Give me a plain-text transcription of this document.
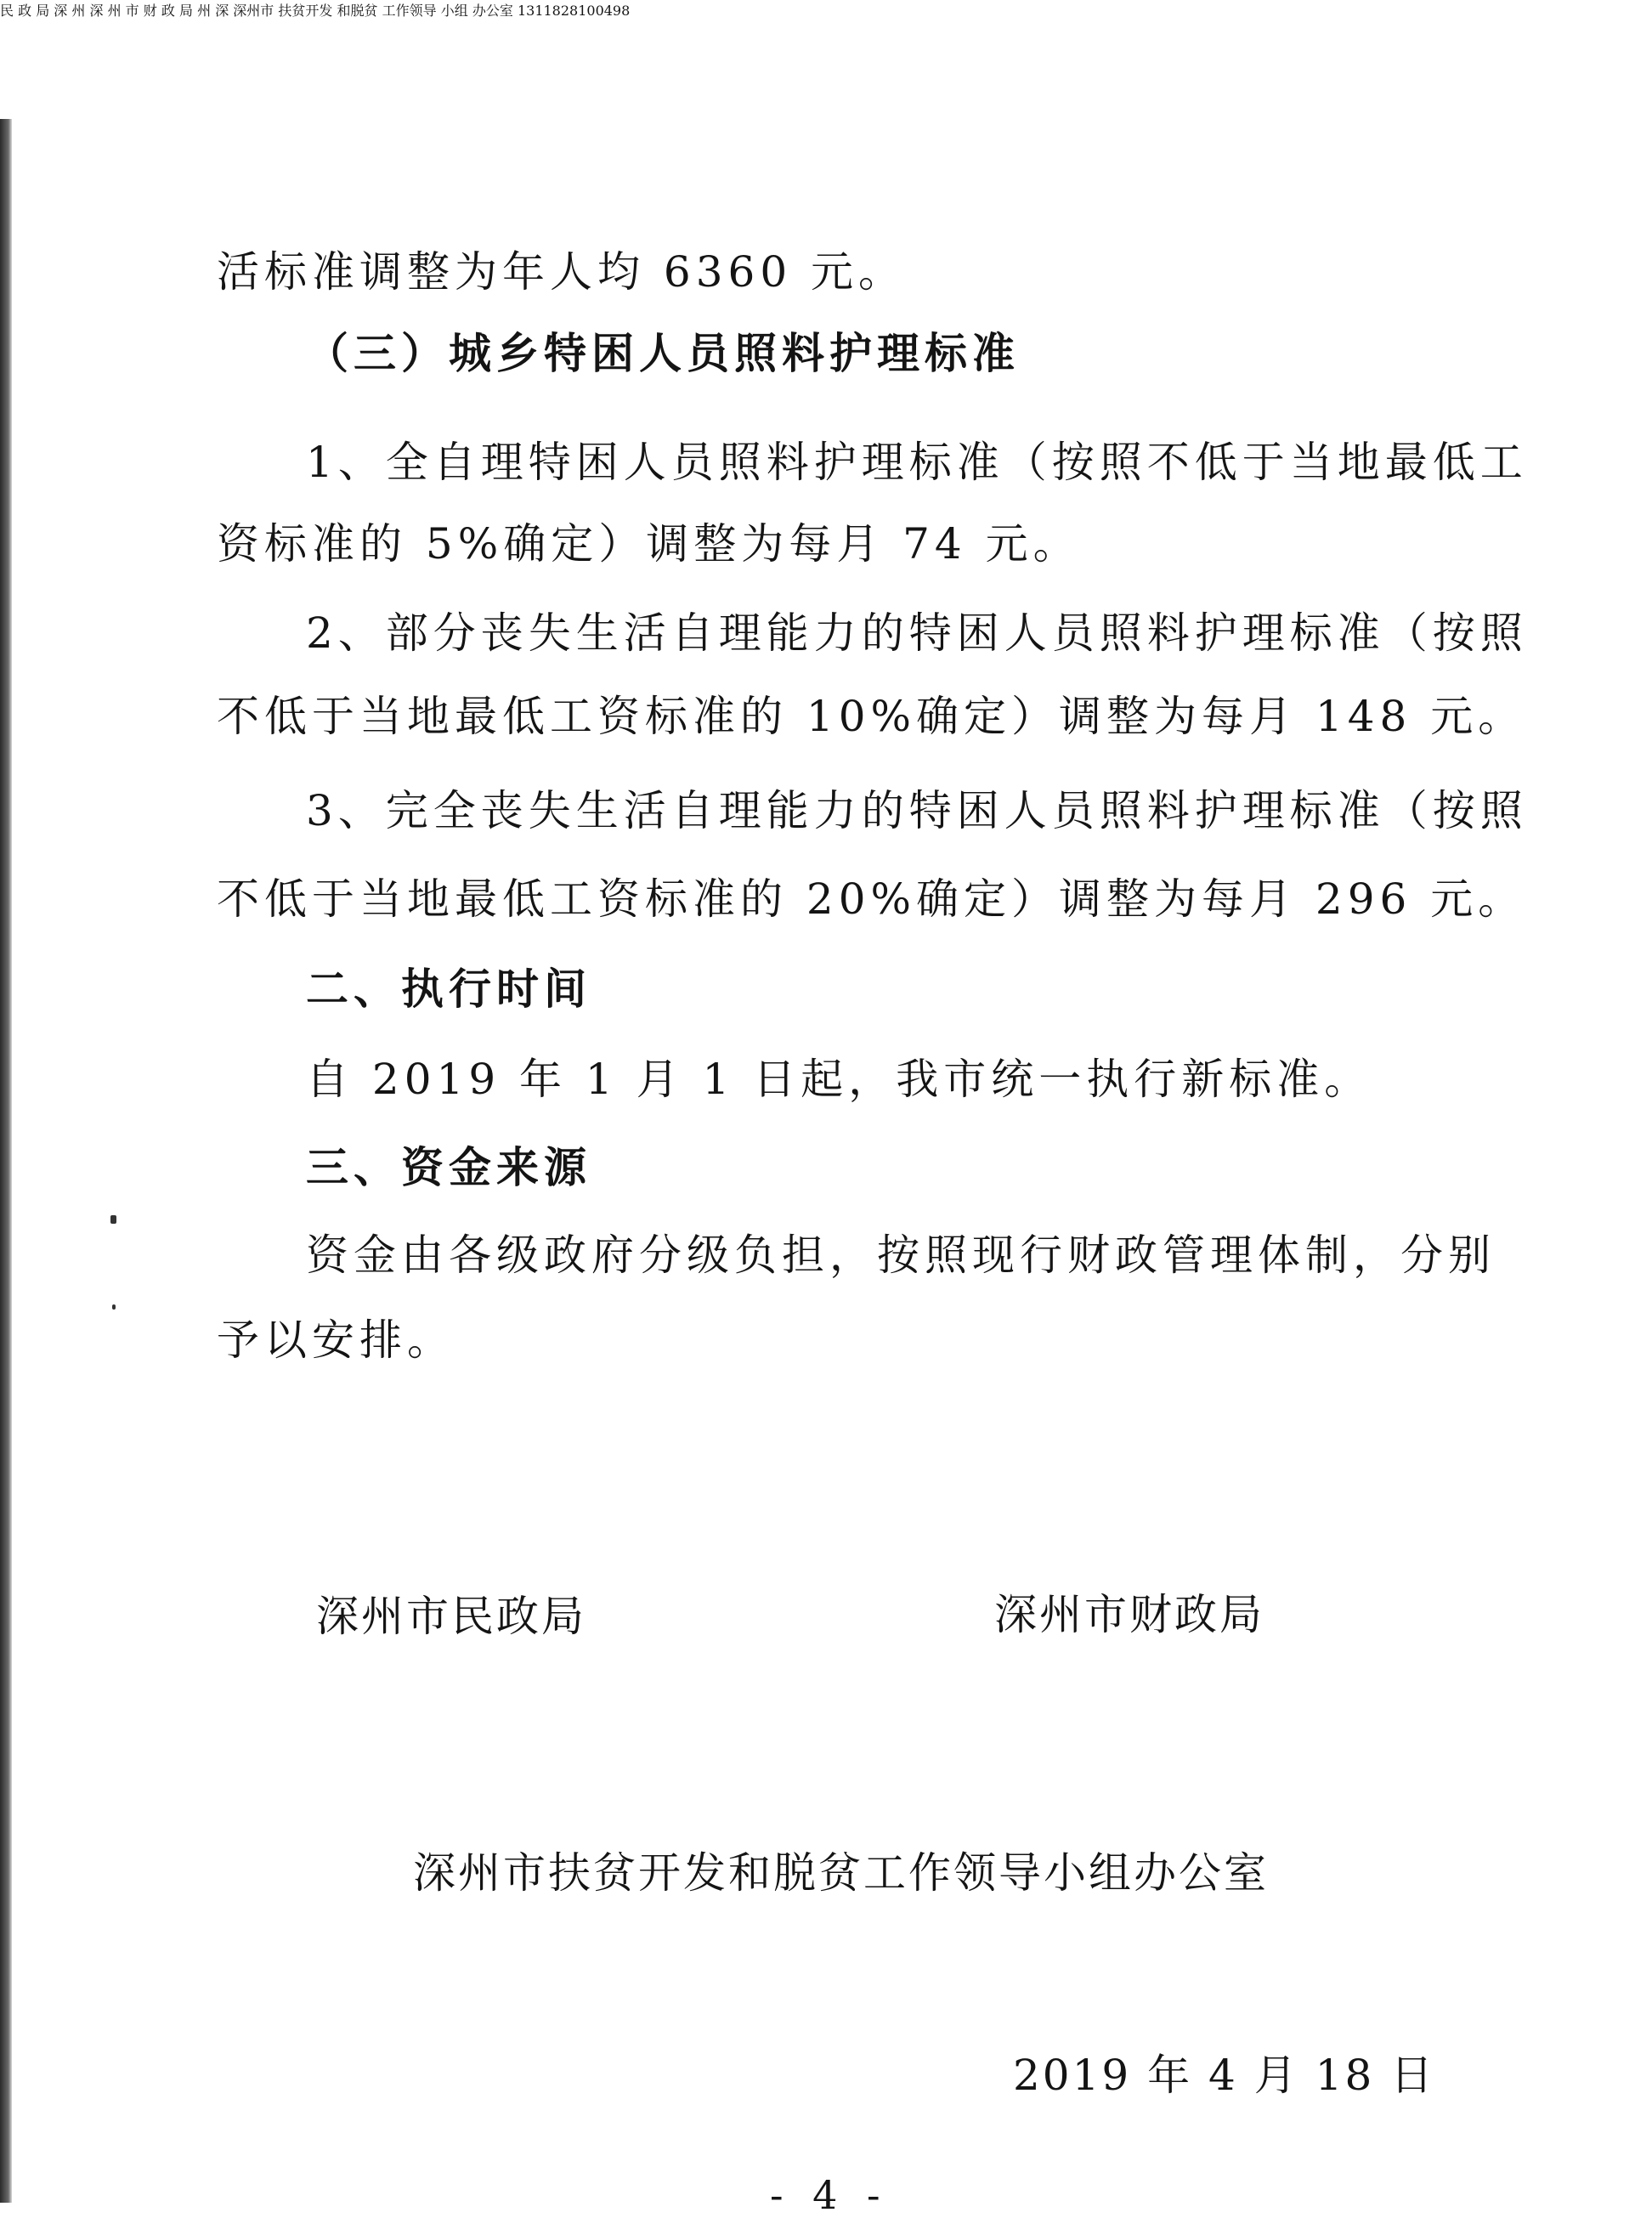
活标准调整为年人均 6360 元。
（三）城乡特困人员照料护理标准
1、全自理特困人员照料护理标准（按照不低于当地最低工
资标准的 5%确定）调整为每月 74 元。
2、部分丧失生活自理能力的特困人员照料护理标准（按照
不低于当地最低工资标准的 10%确定）调整为每月 148 元。
3、完全丧失生活自理能力的特困人员照料护理标准（按照
不低于当地最低工资标准的 20%确定）调整为每月 296 元。
二、执行时间
自 2019 年 1 月 1 日起，我市统一执行新标准。
三、资金来源
资金由各级政府分级负担，按照现行财政管理体制，分别
予以安排。
民 政 局 深 州 深 州 市 财 政 局 州 深 深州市 扶贫开发 和脱贫 工作领导 小组 办公室 1311828100498
深州市民政局	深州市财政局
深州市扶贫开发和脱贫工作领导小组办公室
2019 年 4 月 18 日
- 4 -
